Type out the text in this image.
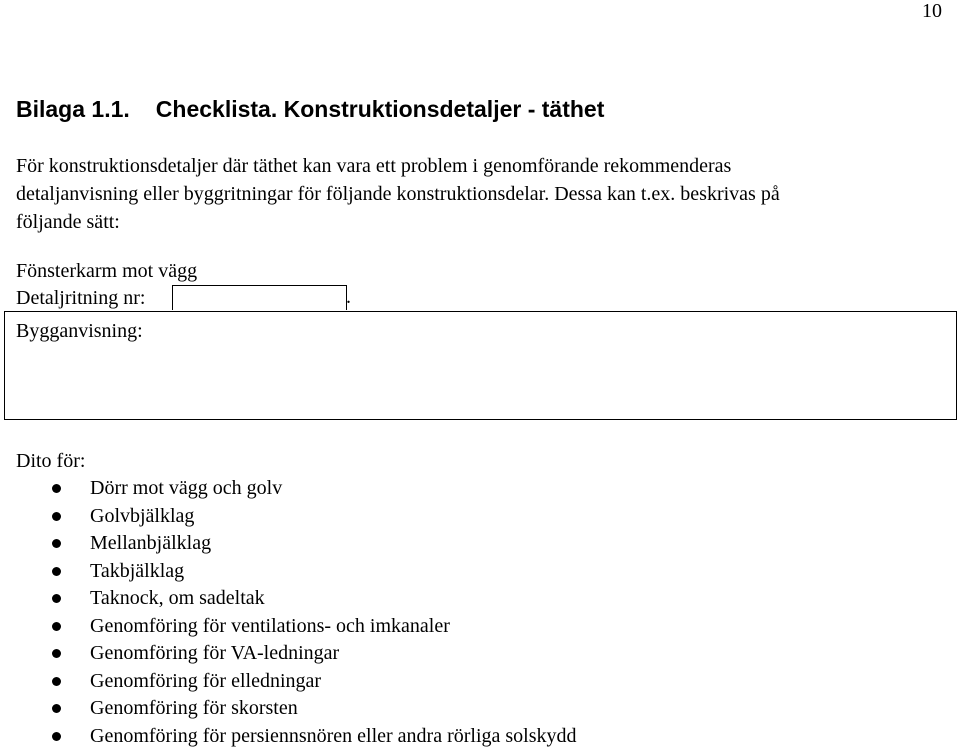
10
Bilaga 1.1. Checklista. Konstruktionsdetaljer - täthet

För konstruktionsdetaljer där täthet kan vara ett problem i genomförande rekommenderas
detaljanvisning eller byggritningar för följande konstruktionsdelar. Dessa kan t.ex. beskrivas på
följande sätt:

Fönsterkarm mot vägg
Detaljritning nr:	.
Bygganvisning:
Dito för:
Dörr mot vägg och golv
Golvbjälklag
Mellanbjälklag
Takbjälklag
Taknock, om sadeltak
Genomföring för ventilations- och imkanaler
Genomföring för VA-ledningar
Genomföring för elledningar
Genomföring för skorsten
Genomföring för persiennsnören eller andra rörliga solskydd
